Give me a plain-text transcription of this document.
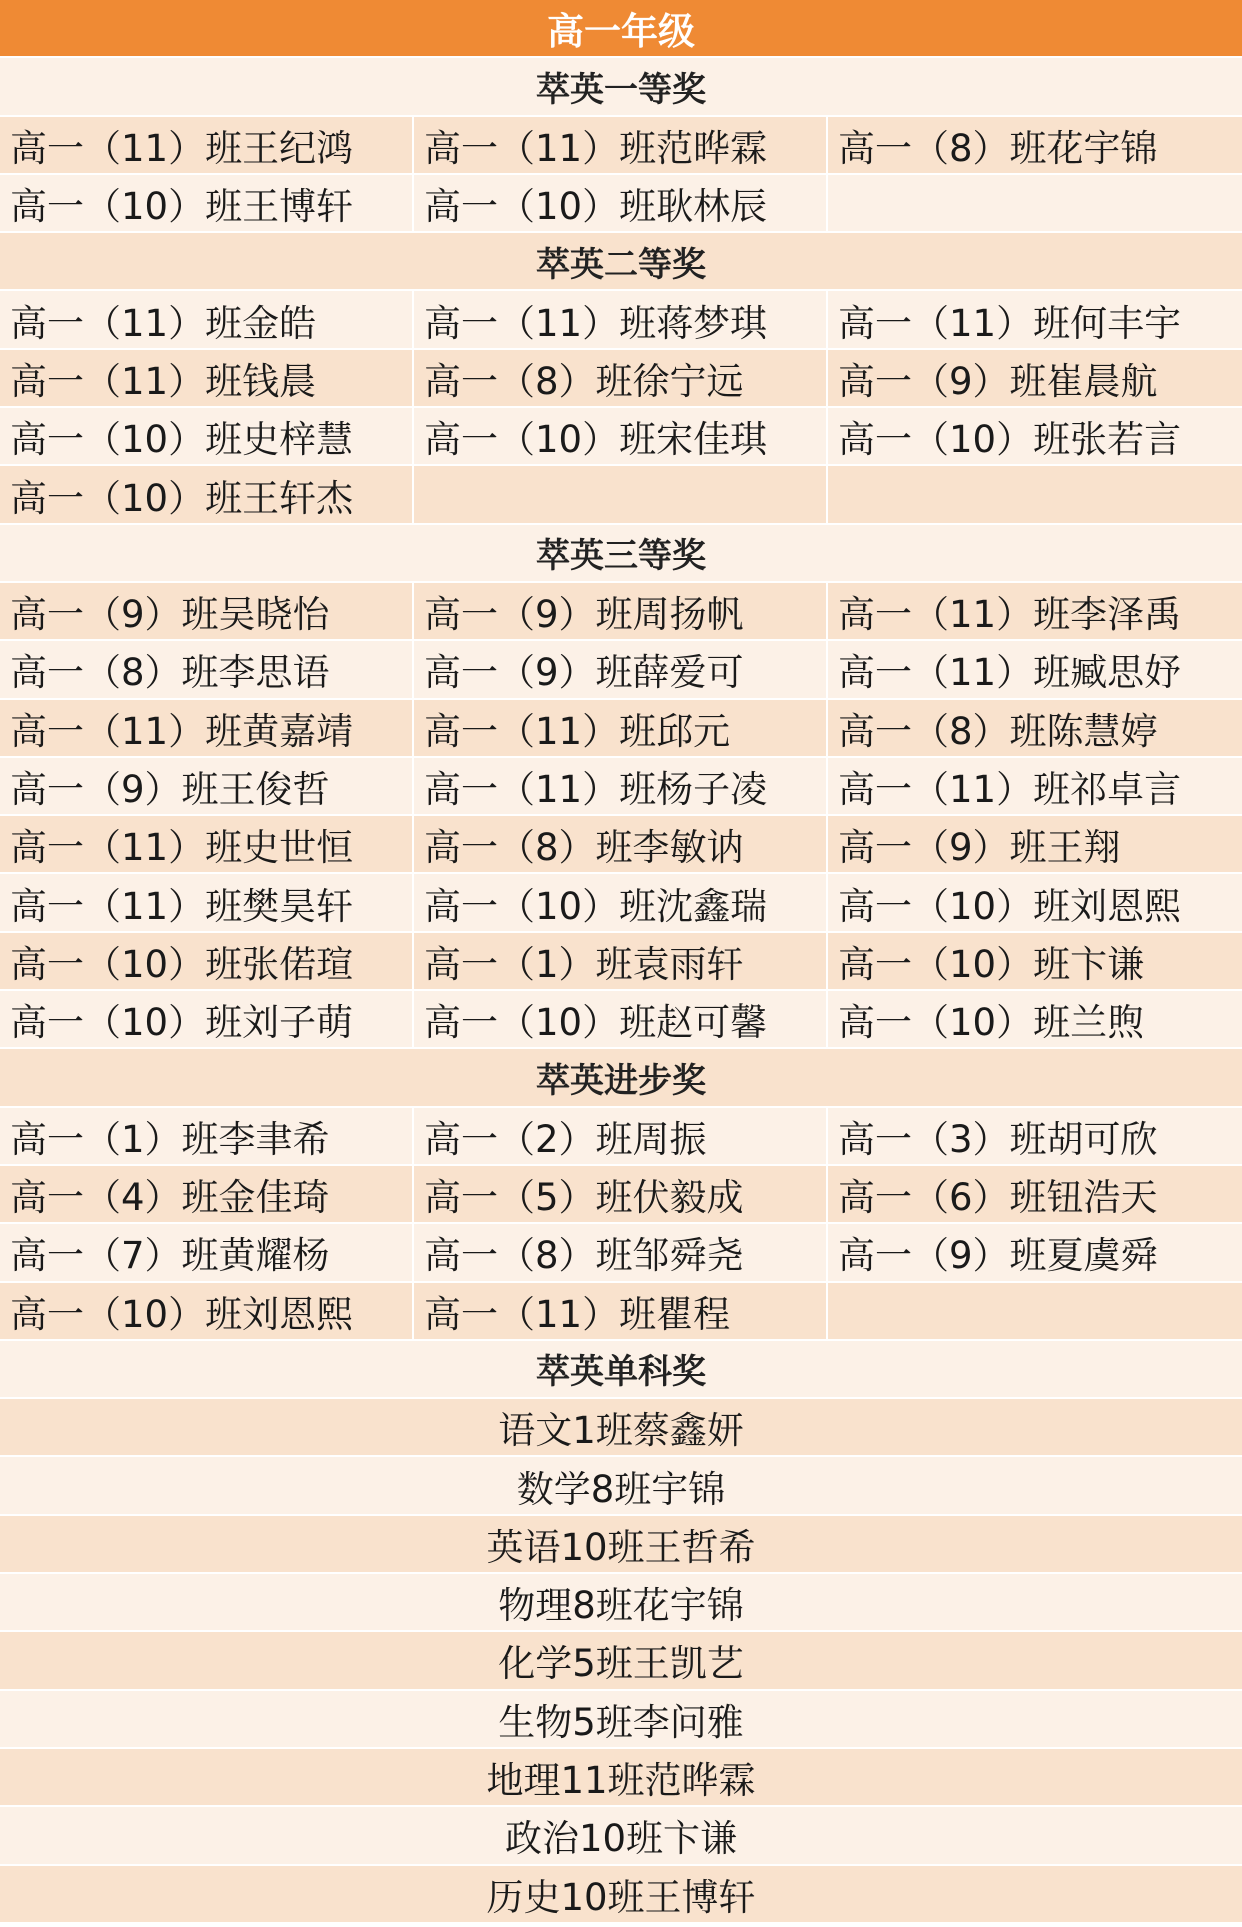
高一年级
萃英一等奖
高一（11）班王纪鸿	高一（11）班范晔霖	高一（8）班花宇锦
高一（10）班王博轩	高一（10）班耿林辰
萃英二等奖
高一（11）班金皓	高一（11）班蒋梦琪	高一（11）班何丰宇
高一（11）班钱晨	高一（8）班徐宁远	高一（9）班崔晨航
高一（10）班史梓慧	高一（10）班宋佳琪	高一（10）班张若言
高一（10）班王轩杰
萃英三等奖
高一（9）班吴晓怡	高一（9）班周扬帆	高一（11）班李泽禹
高一（8）班李思语	高一（9）班薛爱可	高一（11）班臧思妤
高一（11）班黄嘉靖	高一（11）班邱元	高一（8）班陈慧婷
高一（9）班王俊哲	高一（11）班杨子凌	高一（11）班祁卓言
高一（11）班史世恒	高一（8）班李敏讷	高一（9）班王翔
高一（11）班樊昊轩	高一（10）班沈鑫瑞	高一（10）班刘恩熙
高一（10）班张偌瑄	高一（1）班袁雨轩	高一（10）班卞谦
高一（10）班刘子萌	高一（10）班赵可馨	高一（10）班兰煦
萃英进步奖
高一（1）班李聿希	高一（2）班周振	高一（3）班胡可欣
高一（4）班金佳琦	高一（5）班伏毅成	高一（6）班钮浩天
高一（7）班黄耀杨	高一（8）班邹舜尧	高一（9）班夏虞舜
高一（10）班刘恩熙	高一（11）班瞿程
萃英单科奖
语文1班蔡鑫妍
数学8班宇锦
英语10班王哲希
物理8班花宇锦
化学5班王凯艺
生物5班李问雅
地理11班范晔霖
政治10班卞谦
历史10班王博轩
